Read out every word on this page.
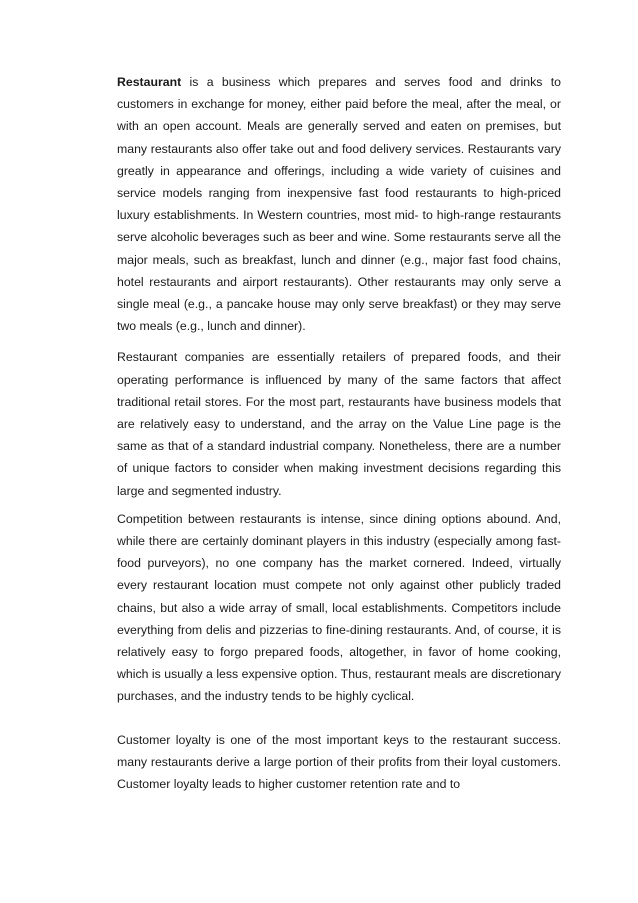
Restaurant is a business which prepares and serves food and drinks to customers in exchange for money, either paid before the meal, after the meal, or with an open account. Meals are generally served and eaten on premises, but many restaurants also offer take out and food delivery services. Restaurants vary greatly in appearance and offerings, including a wide variety of cuisines and service models ranging from inexpensive fast food restaurants to high-priced luxury establishments. In Western countries, most mid- to high-range restaurants serve alcoholic beverages such as beer and wine. Some restaurants serve all the major meals, such as breakfast, lunch and dinner (e.g., major fast food chains, hotel restaurants and airport restaurants). Other restaurants may only serve a single meal (e.g., a pancake house may only serve breakfast) or they may serve two meals (e.g., lunch and dinner).

Restaurant companies are essentially retailers of prepared foods, and their operating performance is influenced by many of the same factors that affect traditional retail stores. For the most part, restaurants have business models that are relatively easy to understand, and the array on the Value Line page is the same as that of a standard industrial company. Nonetheless, there are a number of unique factors to consider when making investment decisions regarding this large and segmented industry.

Competition between restaurants is intense, since dining options abound. And, while there are certainly dominant players in this industry (especially among fast-food purveyors), no one company has the market cornered. Indeed, virtually every restaurant location must compete not only against other publicly traded chains, but also a wide array of small, local establishments. Competitors include everything from delis and pizzerias to fine-dining restaurants. And, of course, it is relatively easy to forgo prepared foods, altogether, in favor of home cooking, which is usually a less expensive option. Thus, restaurant meals are discretionary purchases, and the industry tends to be highly cyclical.

Customer loyalty is one of the most important keys to the restaurant success. many restaurants derive a large portion of their profits from their loyal customers. Customer loyalty leads to higher customer retention rate and to
